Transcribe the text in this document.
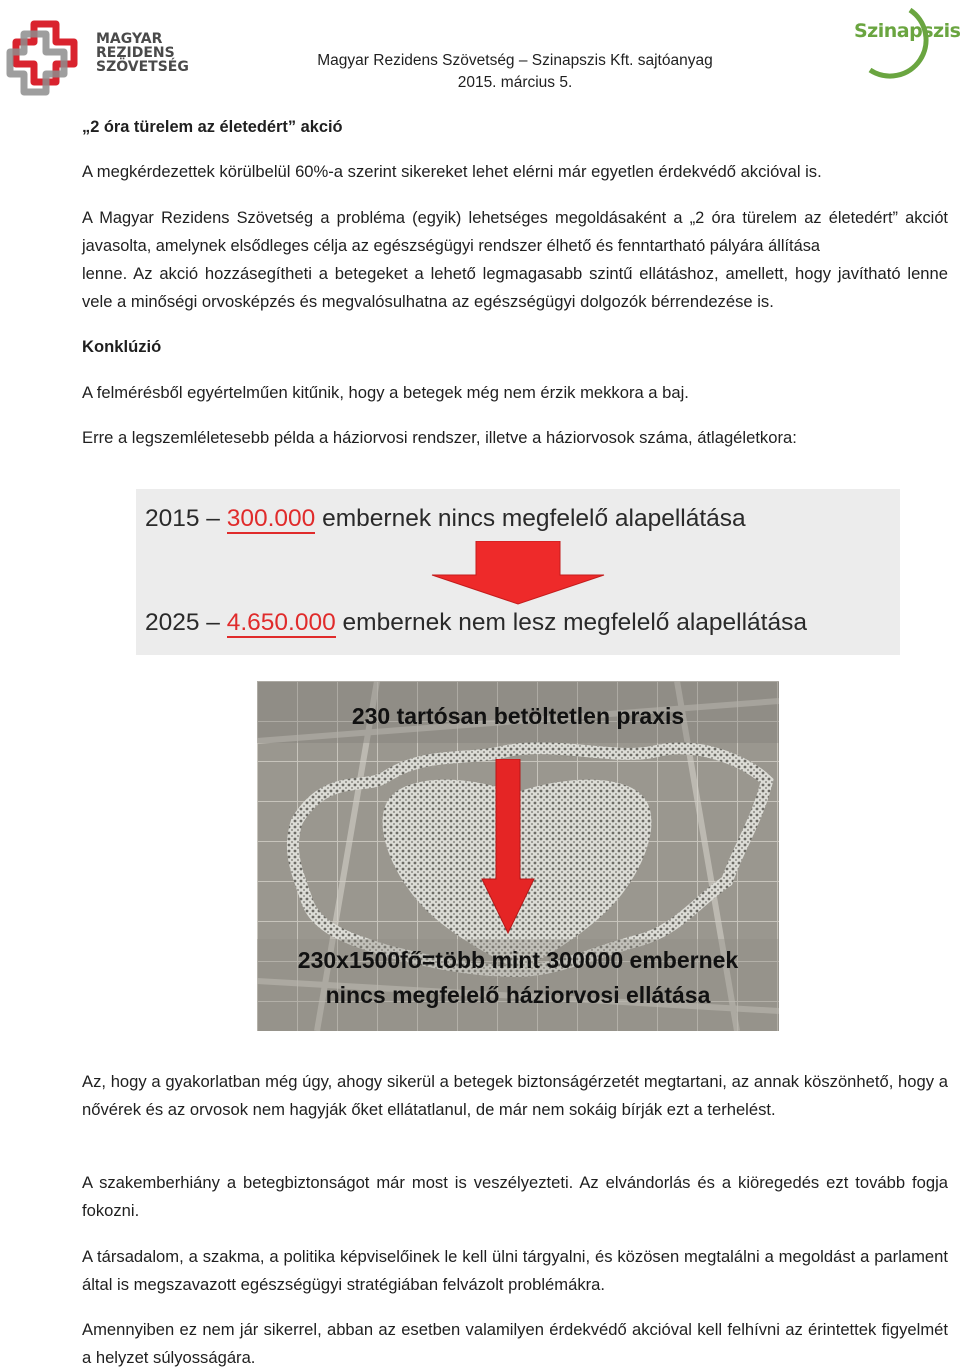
MAGYAR
REZIDENS
SZÖVETSÉG	Magyar Rezidens Szövetség – Szinapszis Kft. sajtóanyag
2015. március 5.
Szinapszis
„2 óra türelem az életedért” akció
A megkérdezettek körülbelül 60%-a szerint sikereket lehet elérni már egyetlen érdekvédő akcióval is.
A Magyar Rezidens Szövetség a probléma (egyik) lehetséges megoldásaként a „2 óra türelem az életedért” akciót javasolta, amelynek elsődleges célja az egészségügyi rendszer élhető és fenntartható pályára állítása
lenne. Az akció hozzásegítheti a betegeket a lehető legmagasabb szintű ellátáshoz, amellett, hogy javítható lenne vele a minőségi orvosképzés és megvalósulhatna az egészségügyi dolgozók bérrendezése is.
Konklúzió
A felmérésből egyértelműen kitűnik, hogy a betegek még nem érzik mekkora a baj.
Erre a legszemléletesebb példa a háziorvosi rendszer, illetve a háziorvosok száma, átlagéletkora:
2015 – 300.000 embernek nincs megfelelő alapellátása
2025 – 4.650.000 embernek nem lesz megfelelő alapellátása
230 tartósan betöltetlen praxis
230x1500fő=több mint 300000 embernek
nincs megfelelő háziorvosi ellátása
Az, hogy a gyakorlatban még úgy, ahogy sikerül a betegek biztonságérzetét megtartani, az annak köszönhető, hogy a nővérek és az orvosok nem hagyják őket ellátatlanul, de már nem sokáig bírják ezt a terhelést.
A szakemberhiány a betegbiztonságot már most is veszélyezteti. Az elvándorlás és a kiöregedés ezt tovább fogja fokozni.
A társadalom, a szakma, a politika képviselőinek le kell ülni tárgyalni, és közösen megtalálni a megoldást a parlament által is megszavazott egészségügyi stratégiában felvázolt problémákra.
Amennyiben ez nem jár sikerrel, abban az esetben valamilyen érdekvédő akcióval kell felhívni az érintettek figyelmét a helyzet súlyosságára.
